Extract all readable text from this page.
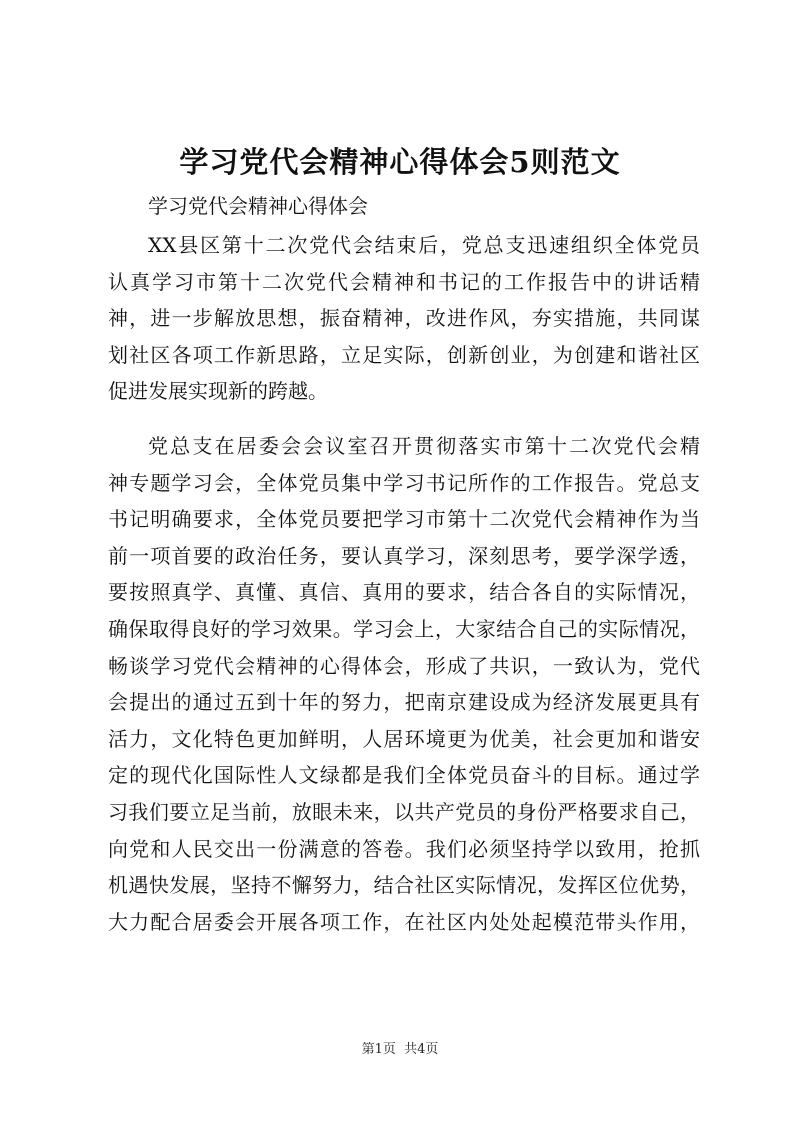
学习党代会精神心得体会5则范文
学习党代会精神心得体会
XX县区第十二次党代会结束后，党总支迅速组织全体党员
认真学习市第十二次党代会精神和书记的工作报告中的讲话精
神，进一步解放思想，振奋精神，改进作风，夯实措施，共同谋
划社区各项工作新思路，立足实际，创新创业，为创建和谐社区
促进发展实现新的跨越。
党总支在居委会会议室召开贯彻落实市第十二次党代会精
神专题学习会，全体党员集中学习书记所作的工作报告。党总支
书记明确要求，全体党员要把学习市第十二次党代会精神作为当
前一项首要的政治任务，要认真学习，深刻思考，要学深学透，
要按照真学、真懂、真信、真用的要求，结合各自的实际情况，
确保取得良好的学习效果。学习会上，大家结合自己的实际情况，
畅谈学习党代会精神的心得体会，形成了共识，一致认为，党代
会提出的通过五到十年的努力，把南京建设成为经济发展更具有
活力，文化特色更加鲜明，人居环境更为优美，社会更加和谐安
定的现代化国际性人文绿都是我们全体党员奋斗的目标。通过学
习我们要立足当前，放眼未来，以共产党员的身份严格要求自己，
向党和人民交出一份满意的答卷。我们必须坚持学以致用，抢抓
机遇快发展，坚持不懈努力，结合社区实际情况，发挥区位优势，
大力配合居委会开展各项工作，在社区内处处起模范带头作用，
第1页 共4页
